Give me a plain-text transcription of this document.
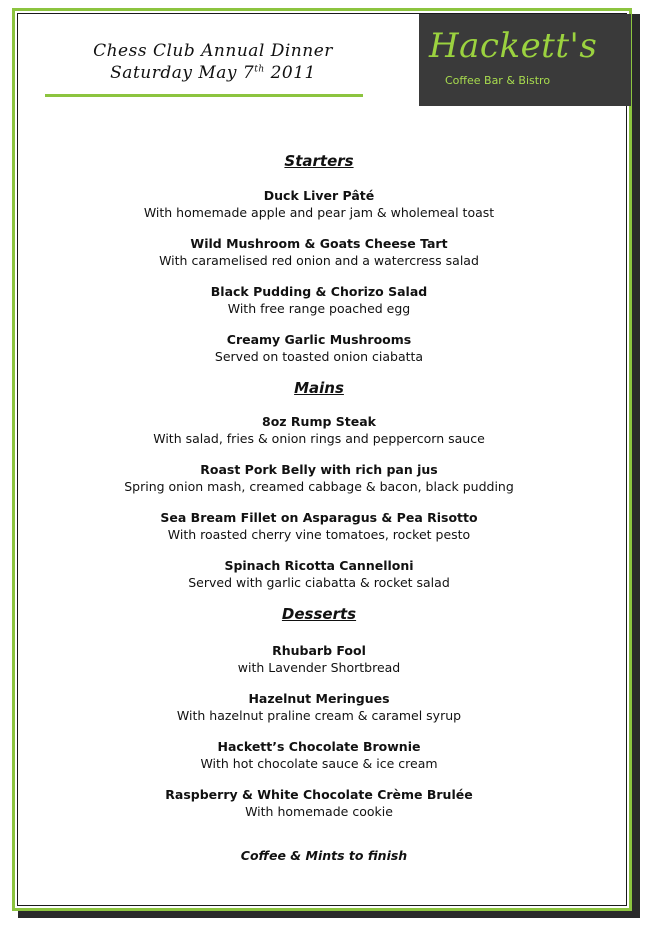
Chess Club Annual Dinner
Saturday May 7th 2011
Hackett's
Coffee Bar & Bistro
Starters
Duck Liver Pâté
With homemade apple and pear jam & wholemeal toast
Wild Mushroom & Goats Cheese Tart
With caramelised red onion and a watercress salad
Black Pudding & Chorizo Salad
With free range poached egg
Creamy Garlic Mushrooms
Served on toasted onion ciabatta
Mains
8oz Rump Steak
With salad, fries & onion rings and peppercorn sauce
Roast Pork Belly with rich pan jus
Spring onion mash, creamed cabbage & bacon, black pudding
Sea Bream Fillet on Asparagus & Pea Risotto
With roasted cherry vine tomatoes, rocket pesto
Spinach Ricotta Cannelloni
Served with garlic ciabatta & rocket salad
Desserts
Rhubarb Fool
with Lavender Shortbread
Hazelnut Meringues
With hazelnut praline cream & caramel syrup
Hackett’s Chocolate Brownie
With hot chocolate sauce & ice cream
Raspberry & White Chocolate Crème Brulée
With homemade cookie
Coffee & Mints to finish
